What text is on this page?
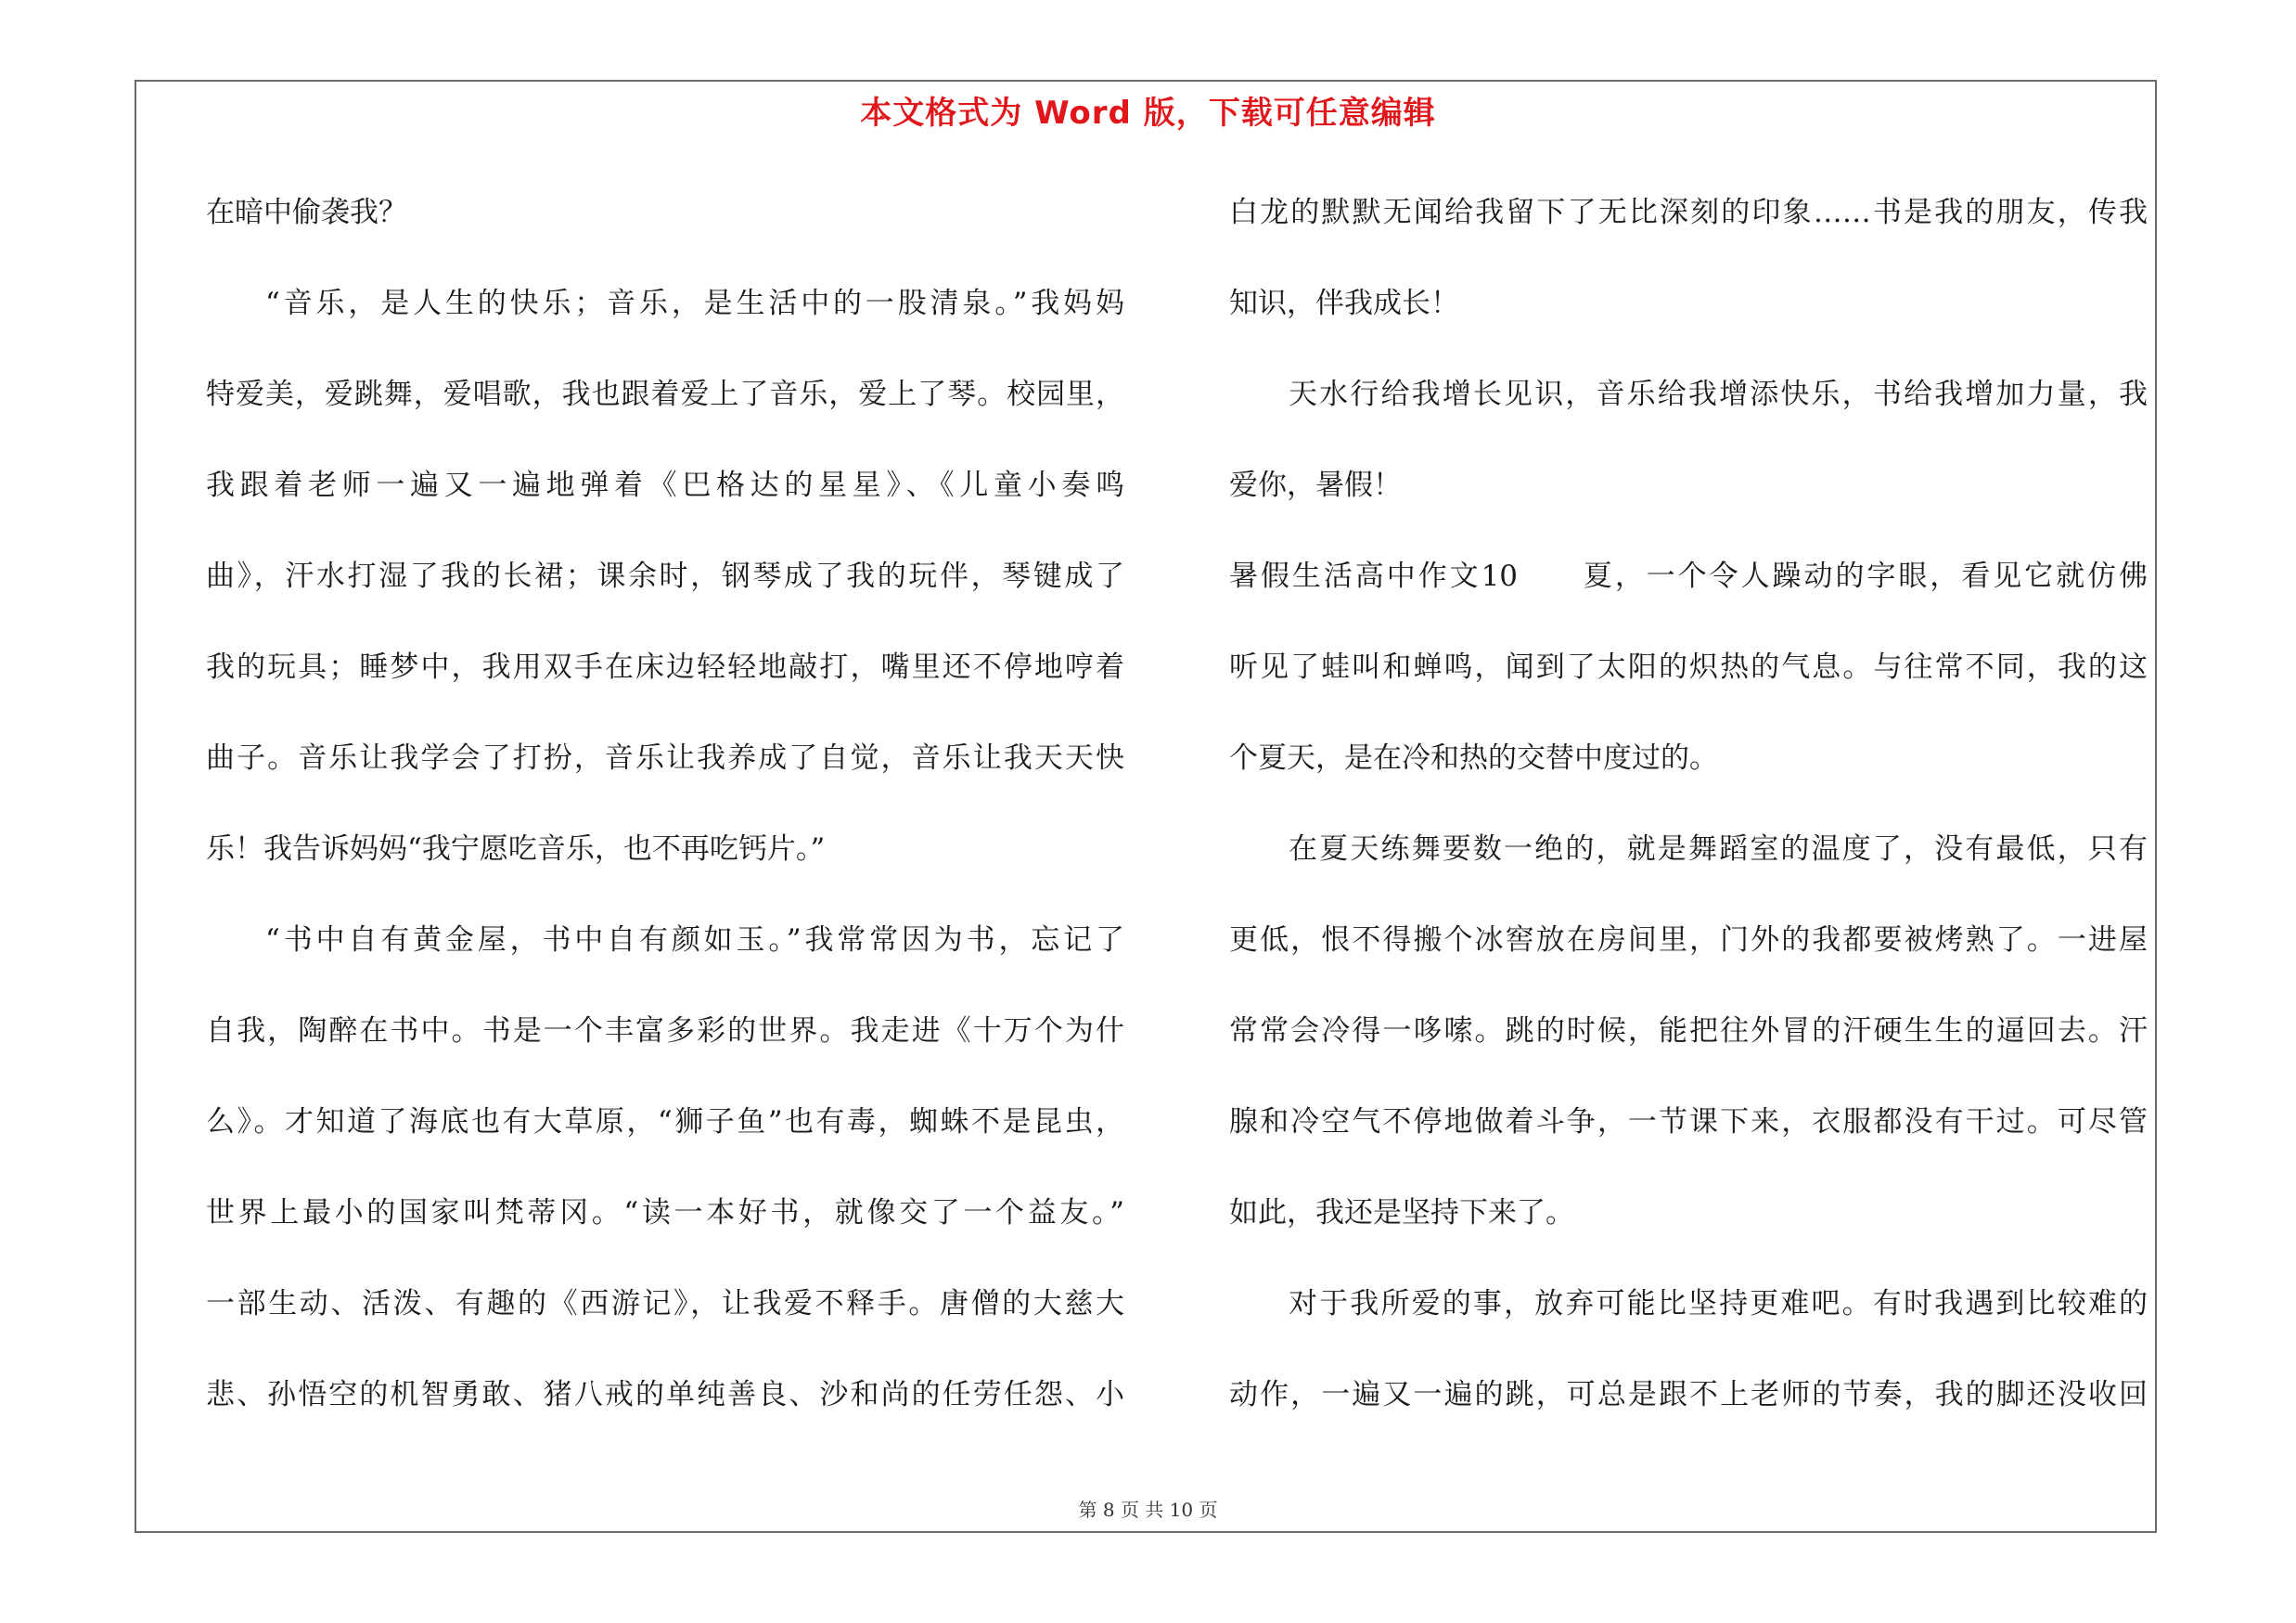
本文格式为 Word 版，下载可任意编辑
在暗中偷袭我？
“音乐，是人生的快乐；音乐，是生活中的一股清泉。”我妈妈
特爱美，爱跳舞，爱唱歌，我也跟着爱上了音乐，爱上了琴。校园里，
我跟着老师一遍又一遍地弹着《巴格达的星星》、《儿童小奏鸣
曲》，汗水打湿了我的长裙；课余时，钢琴成了我的玩伴，琴键成了
我的玩具；睡梦中，我用双手在床边轻轻地敲打，嘴里还不停地哼着
曲子。音乐让我学会了打扮，音乐让我养成了自觉，音乐让我天天快
乐！我告诉妈妈“我宁愿吃音乐，也不再吃钙片。”
“书中自有黄金屋，书中自有颜如玉。”我常常因为书，忘记了
自我，陶醉在书中。书是一个丰富多彩的世界。我走进《十万个为什
么》。才知道了海底也有大草原，“狮子鱼”也有毒，蜘蛛不是昆虫，
世界上最小的国家叫梵蒂冈。“读一本好书，就像交了一个益友。”
一部生动、活泼、有趣的《西游记》，让我爱不释手。唐僧的大慈大
悲、孙悟空的机智勇敢、猪八戒的单纯善良、沙和尚的任劳任怨、小
白龙的默默无闻给我留下了无比深刻的印象……书是我的朋友，传我
知识，伴我成长！
天水行给我增长见识，音乐给我增添快乐，书给我增加力量，我
爱你，暑假！
暑假生活高中作文10　　夏，一个令人躁动的字眼，看见它就仿佛
听见了蛙叫和蝉鸣，闻到了太阳的炽热的气息。与往常不同，我的这
个夏天，是在冷和热的交替中度过的。
在夏天练舞要数一绝的，就是舞蹈室的温度了，没有最低，只有
更低，恨不得搬个冰窖放在房间里，门外的我都要被烤熟了。一进屋
常常会冷得一哆嗦。跳的时候，能把往外冒的汗硬生生的逼回去。汗
腺和冷空气不停地做着斗争，一节课下来，衣服都没有干过。可尽管
如此，我还是坚持下来了。
对于我所爱的事，放弃可能比坚持更难吧。有时我遇到比较难的
动作，一遍又一遍的跳，可总是跟不上老师的节奏，我的脚还没收回
第 8 页 共 10 页
